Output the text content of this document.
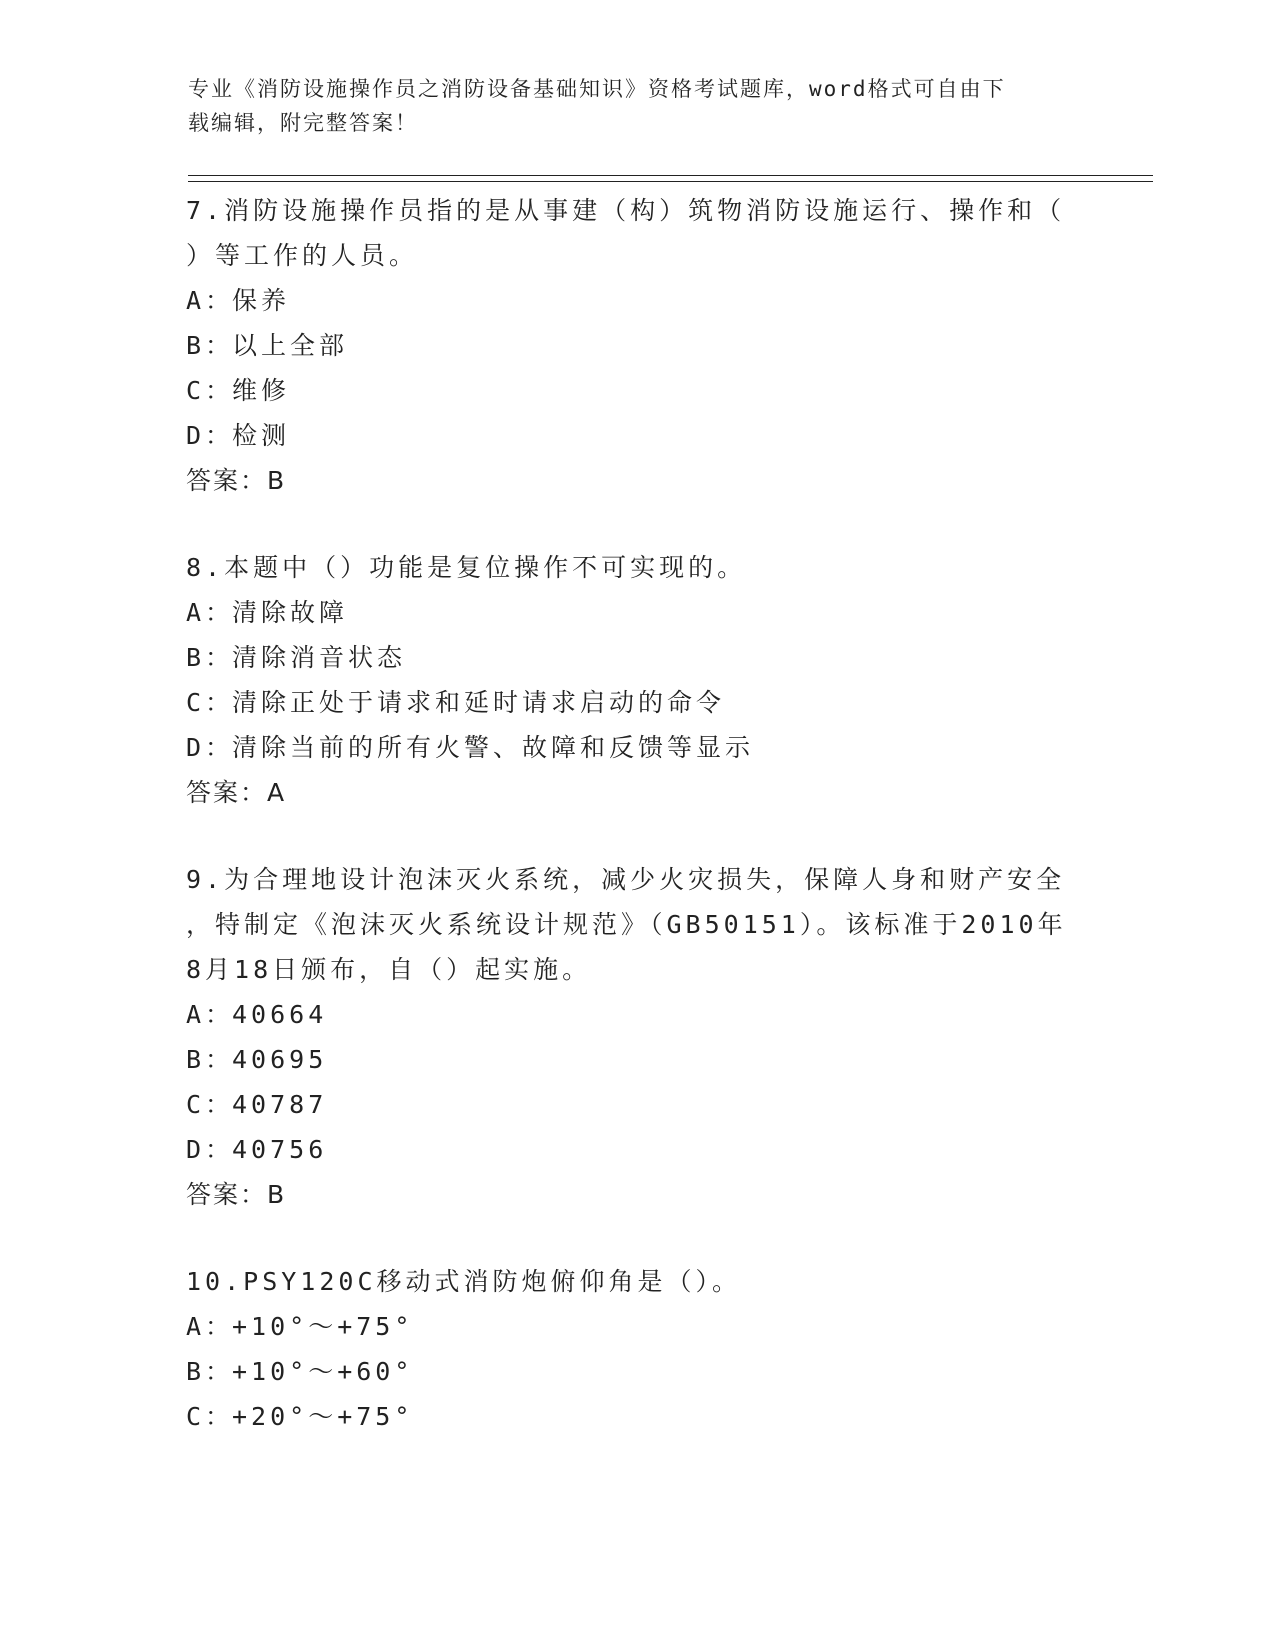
专业《消防设施操作员之消防设备基础知识》资格考试题库，word格式可自由下
载编辑，附完整答案！
7.消防设施操作员指的是从事建（构）筑物消防设施运行、操作和（
）等工作的人员。
A：保养
B：以上全部
C：维修
D：检测
答案：B
8.本题中（）功能是复位操作不可实现的。
A：清除故障
B：清除消音状态
C：清除正处于请求和延时请求启动的命令
D：清除当前的所有火警、故障和反馈等显示
答案：A
9.为合理地设计泡沫灭火系统，减少火灾损失，保障人身和财产安全
，特制定《泡沫灭火系统设计规范》（GB50151）。该标准于2010年
8月18日颁布，自（）起实施。
A：40664
B：40695
C：40787
D：40756
答案：B
10.PSY120C移动式消防炮俯仰角是（）。
A：+10°～+75°
B：+10°～+60°
C：+20°～+75°
